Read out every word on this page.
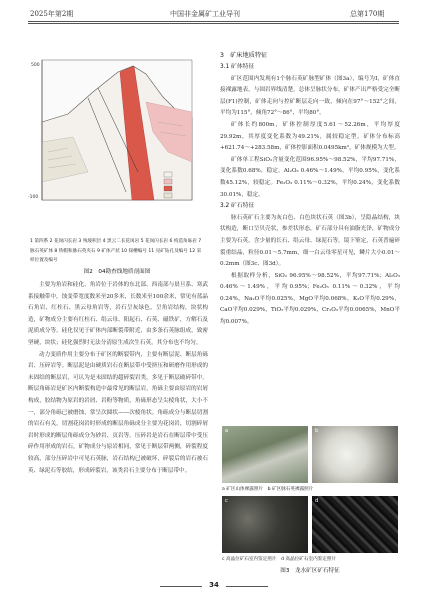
2025年第2期	中国非金属矿工业导刊	总第170期
500
-100
1 第四系 2 花岗闪长岩 3 残坡积层 4 黑云二长花岗岩 5 花岗闪长岩 6 构造角砾岩 7 脉石英矿体 8 铁帽和脉石英夹石 9 矿体产状 10 探槽编号 11 见矿钻孔及编号 12 采样位置及编号
图2　04勘查线地质剖面图

主要为角岩和硅化、角岩位于岩体的东北部、西南部与晨旦系、寒武系接触带中，蚀变带宽度数米至20多米，长数米至100余米，常见有蓝晶石角岩、红柱石、黑云母角岩等，岩石呈灰绿色，呈角岩结构，块状构造，矿物成分主要有红柱石、绢云母、阳起石、石英、磁铁矿，方解石及泥质成分等。硅化仅见于矿体内部断裂带附近，由多条石英脉组成，致密坚硬，块状；硅化强烈时无法分清原生成次生石英，其分布也不均匀。

动力变质作用主要分布于矿区的断裂带内，主要有断层泥、断层角砾岩、压碎岩等。断层泥是由硬质岩石在断层带中受挤压和研磨作用形成的未固结的断层岩，可认为是未固结的超碎裂岩类，多见于断层破碎带中。断层角砾岩是矿区内断裂构造中最常见的断层岩，角砾主要由原岩的岩屑构成，胶结物为原岩的岩屑、岩粉等物质，角砾形态呈尖棱角状，大小不一，部分角砾已被磨蚀，常呈次圆状——次棱角状。角砾成分与断层切割的岩石有关，切割花岗岩时形成的断层角砾成分主要为花岗岩，切割碎屑岩时形成的断层角砾成分为砂岩、页岩等。压碎岩是岩石在断层带中受压碎作用形成的岩石，矿物成分与原岩相同，常见于断层带两侧，碎裂程度较高，部分压碎岩中可见石英脉，岩石结构已被破坏，碎裂后的岩石被石英、绿泥石等胶结，形成碎裂岩，该类岩石主要分布于断层带中。

3　矿床地质特征
3.1 矿体特征

矿区范围内发现有1个脉石英矿脉型矿体（图3a），编号为Ⅰ，矿体直接裸露地表，与围岩界线清楚。总体呈脉状分布，矿体产出严格受完全断层(F1)控制，矿体走向与控矿断层走向一致，倾向在97°～152°之间，平均为115°，倾角72°～86°，平均80°。

矿体长约800m，矿体控制厚度5.61～52.26m，平均厚度29.92m，其厚度变化系数为49.21%，属较稳定型。矿体分布标高+621.74～+283.58m，矿体控影面积0.0495km²，矿体规模为大型。

矿体单工程SiO₂含量变化范围96.95%～98.52%，平均97.71%，变化系数0.68%，稳定。Al₂O₃ 0.46%～1.49%，平均0.95%，变化系数45.12%，较稳定。Fe₂O₃ 0.11%～0.32%，平均0.24%，变化系数30.01%，稳定。

3.2 矿石特征

脉石英矿石主要为灰白色、白色块状石英（图3b），呈隐晶结构，块状构造，断口呈贝壳状，参差状形态，矿石部分具有油脂光泽，矿物成分主要为石英，含少量的长石、绢云母、绿泥石等，镜下鉴定，石英普遍碎裂重结晶，粒径0.01～5.7mm，细一白云母零星可见，鳞片大小0.01～0.2mm（图3c、图3d）。

根据取样分析，SiO₂ 96.95%～98.52%，平均97.71%；Al₂O₃ 0.46%～1.49%，平均0.95%；Fe₂O₃ 0.11%～0.32%，平均0.24%，Na₂O平均0.025%，MgO平均0.068%，K₂O平均0.29%，CaO平均0.029%，TiO₂平均0.029%，Cr₂O₃平均0.0065%，MnO平均0.007%。

a	b
a 矿区山体裸露照片　 b 矿区脉石英裸露照片
c	d
c 高晶位矿石室内鉴定照片　 d 高晶位矿石室内鉴定照片
图3　龙水矿区矿石特征
34
